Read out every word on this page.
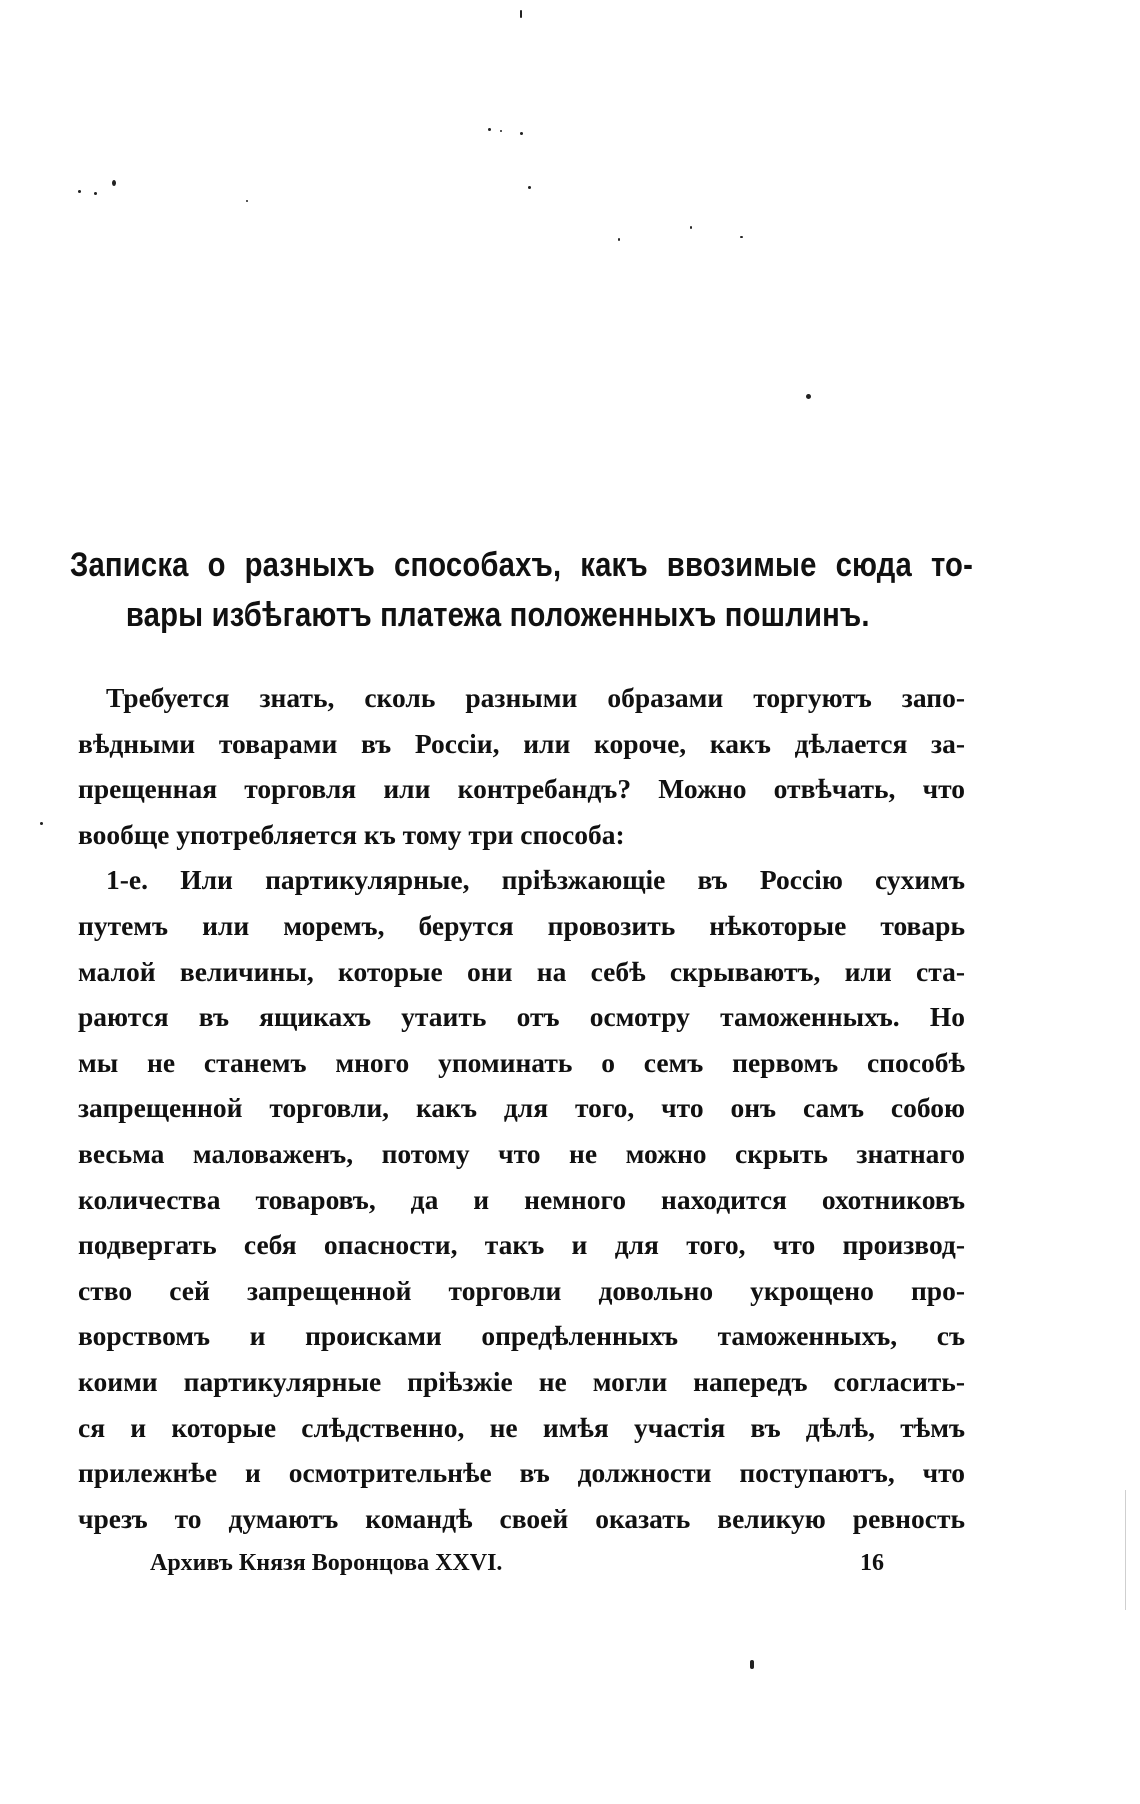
Записка о разныхъ способахъ, какъ ввозимые сюда то-
вары избѣгаютъ платежа положенныхъ пошлинъ.
Требуется знать, сколь разными образами торгуютъ запо-
вѣдными товарами въ Россіи, или короче, какъ дѣлается за-
прещенная торговля или контребандъ? Можно отвѣчать, что
вообще употребляется къ тому три способа:
1-е. Или партикулярные, пріѣзжающіе въ Россію сухимъ
путемъ или моремъ, берутся провозить нѣкоторые товарь
малой величины, которые они на себѣ скрываютъ, или ста-
раются въ ящикахъ утаить отъ осмотру таможенныхъ. Но
мы не станемъ много упоминать о семъ первомъ способѣ
запрещенной торговли, какъ для того, что онъ самъ собою
весьма маловаженъ, потому что не можно скрыть знатнаго
количества товаровъ, да и немного находится охотниковъ
подвергать себя опасности, такъ и для того, что производ-
ство сей запрещенной торговли довольно укрощено про-
ворствомъ и происками опредѣленныхъ таможенныхъ, съ
коими партикулярные пріѣзжіе не могли напередъ согласить-
ся и которые слѣдственно, не имѣя участія въ дѣлѣ, тѣмъ
прилежнѣе и осмотрительнѣе въ должности поступаютъ, что
чрезъ то думаютъ командѣ своей оказать великую ревность
Архивъ Князя Воронцова XXVI.	16
